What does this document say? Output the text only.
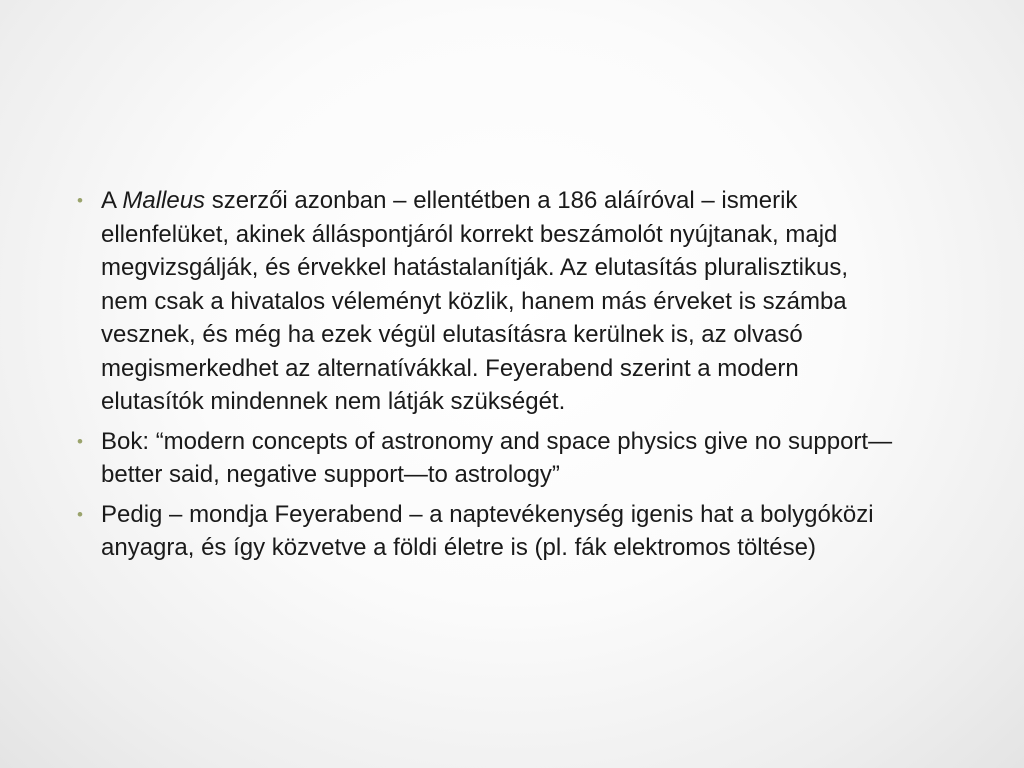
• A Malleus szerzői azonban – ellentétben a 186 aláíróval – ismerik ellenfelüket, akinek álláspontjáról korrekt beszámolót nyújtanak, majd megvizsgálják, és érvekkel hatástalanítják. Az elutasítás pluralisztikus, nem csak a hivatalos véleményt közlik, hanem más érveket is számba vesznek, és még ha ezek végül elutasításra kerülnek is, az olvasó megismerkedhet az alternatívákkal. Feyerabend szerint a modern elutasítók mindennek nem látják szükségét.
• Bok: “modern concepts of astronomy and space physics give no support—better said, negative support—to astrology”
• Pedig – mondja Feyerabend – a naptevékenység igenis hat a bolygóközi anyagra, és így közvetve a földi életre is (pl. fák elektromos töltése)
